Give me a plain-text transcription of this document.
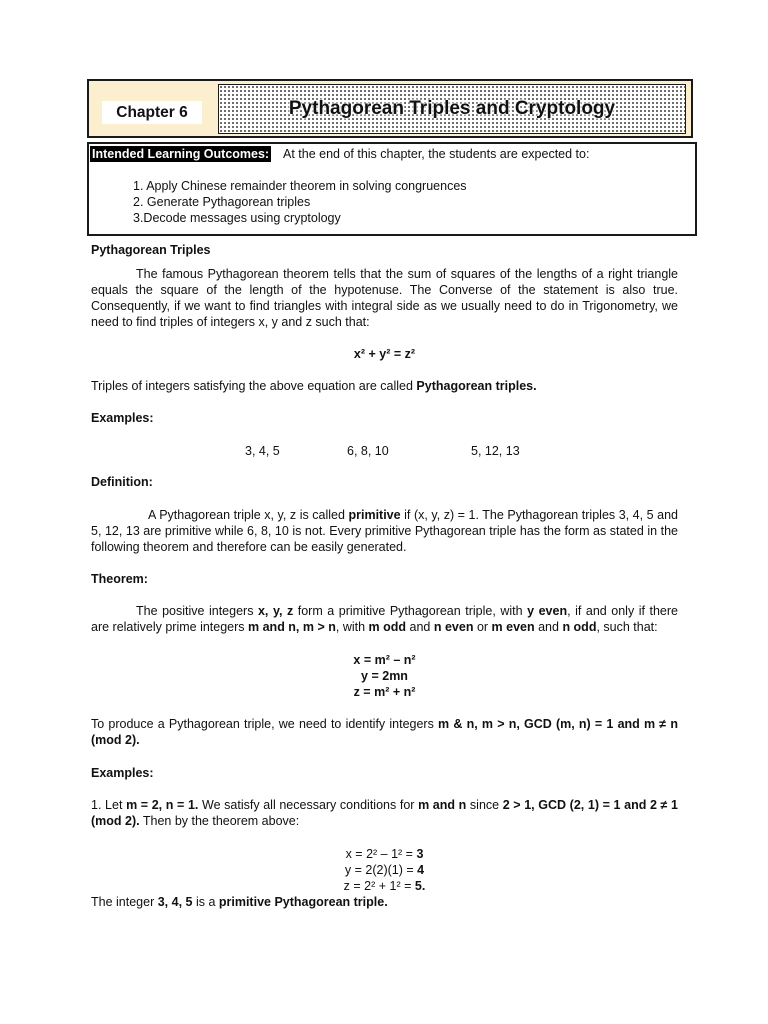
Chapter 6	Pythagorean Triples and Cryptology
Intended Learning Outcomes: At the end of this chapter, the students are expected to:
1. Apply Chinese remainder theorem in solving congruences
2. Generate Pythagorean triples
3.Decode messages using cryptology
Pythagorean Triples
The famous Pythagorean theorem tells that the sum of squares of the lengths of a right triangle equals the square of the length of the hypotenuse. The Converse of the statement is also true. Consequently, if we want to find triangles with integral side as we usually need to do in Trigonometry, we need to find triples of integers x, y and z such that:
x² + y² = z²
Triples of integers satisfying the above equation are called Pythagorean triples.
Examples:
3, 4, 5	6, 8, 10	5, 12, 13
Definition:
A Pythagorean triple x, y, z is called primitive if (x, y, z) = 1. The Pythagorean triples 3, 4, 5 and 5, 12, 13 are primitive while 6, 8, 10 is not. Every primitive Pythagorean triple has the form as stated in the following theorem and therefore can be easily generated.
Theorem:
The positive integers x, y, z form a primitive Pythagorean triple, with y even, if and only if there are relatively prime integers m and n, m > n, with m odd and n even or m even and n odd, such that:
x = m² – n²
y = 2mn
z = m² + n²
To produce a Pythagorean triple, we need to identify integers m & n, m > n, GCD (m, n) = 1 and m ≠ n (mod 2).
Examples:
1. Let m = 2, n = 1. We satisfy all necessary conditions for m and n since 2 > 1, GCD (2, 1) = 1 and 2 ≠ 1 (mod 2). Then by the theorem above:
x = 2² – 1² = 3
y = 2(2)(1) = 4
z = 2² + 1² = 5.
The integer 3, 4, 5 is a primitive Pythagorean triple.
